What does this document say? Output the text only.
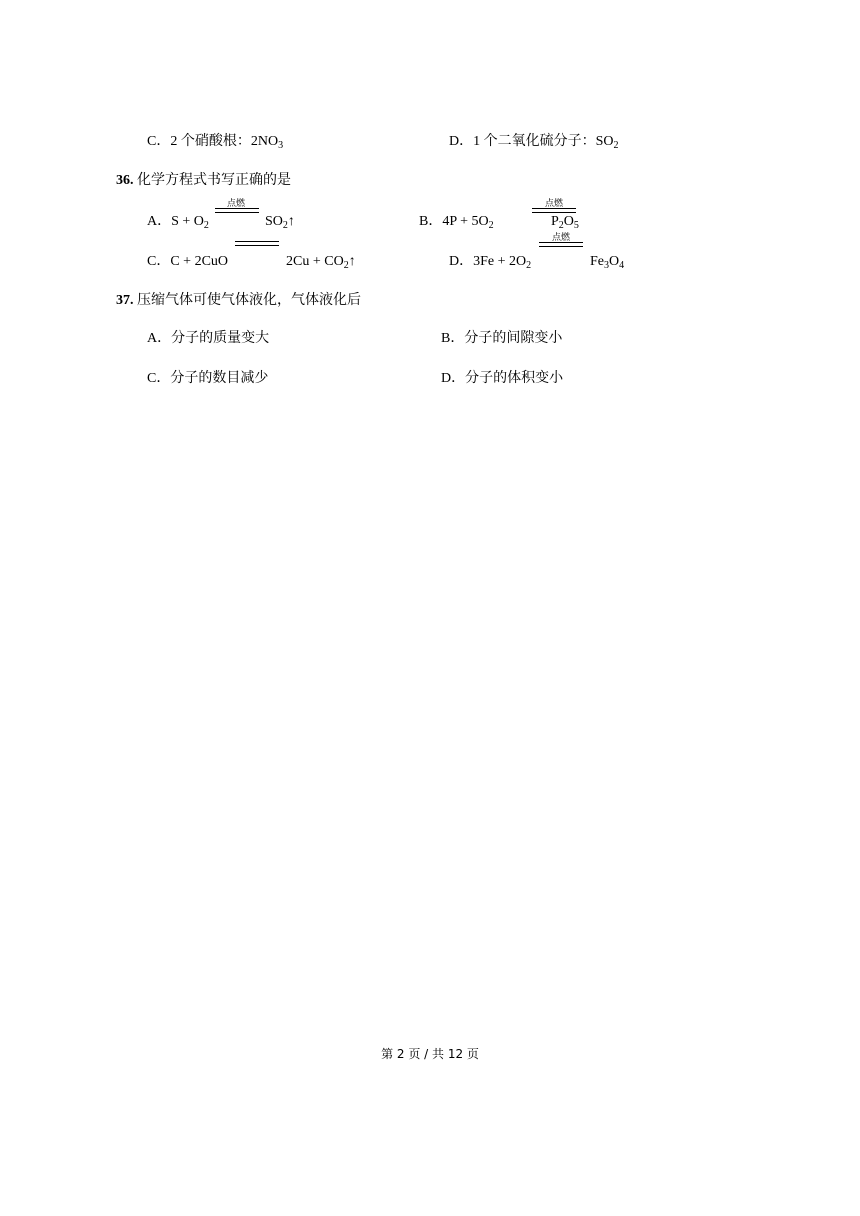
C．2 个硝酸根：$2NO_3$	D．1 个二氧化硫分子：$SO_2$
36. 化学方程式书写正确的是
A．$S + O_2$
点燃
$SO_2↑$	B．$4P + 5O_2$
点燃
$P_2O_5$
C．C + 2CuO	$2Cu + CO_2↑$	D．$3Fe + 2O_2$
点燃
$Fe_3O_4$
37. 压缩气体可使气体液化，气体液化后
A．分子的质量变大	B．分子的间隙变小
C．分子的数目减少	D．分子的体积变小
第 2 页 / 共 12 页
